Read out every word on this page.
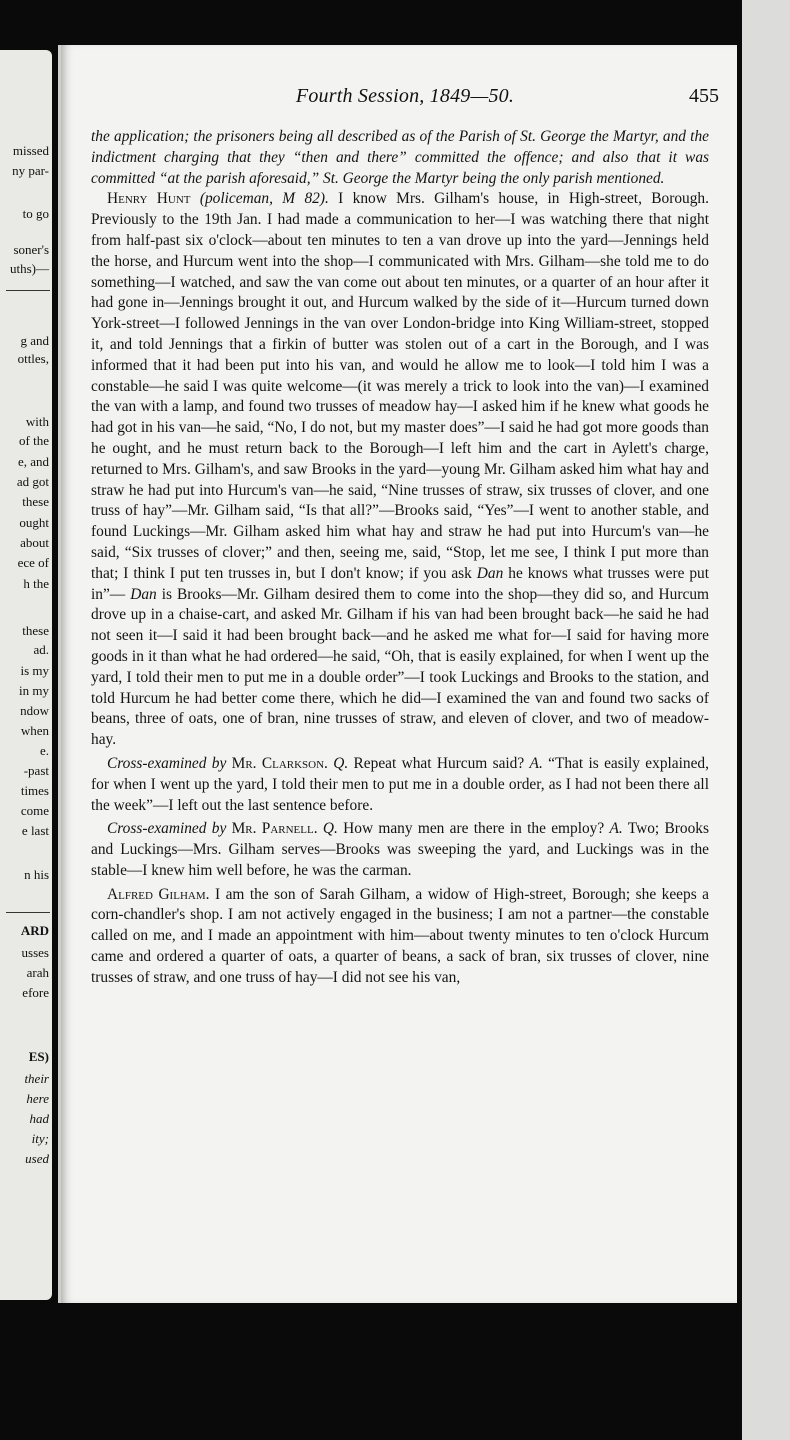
missed
ny par-
to go
soner's
uths)—
g and
ottles,
with
of the
e, and
ad got
these
ought
about
ece of
h the
these
ad.
is my
in my
ndow
when
e.
-past
times
come
e last
n his
ARD
usses
arah
efore
ES)
their
here
had
ity;
used
Fourth Session, 1849—50.	455

the application; the prisoners being all described as of the Parish of St. George the Martyr, and the indictment charging that they “then and there” committed the offence; and also that it was committed “at the parish aforesaid,” St. George the Martyr being the only parish mentioned.

Henry Hunt (policeman, M 82). I know Mrs. Gilham's house, in High-street, Borough. Previously to the 19th Jan. I had made a communication to her—I was watching there that night from half-past six o'clock—about ten minutes to ten a van drove up into the yard—Jennings held the horse, and Hurcum went into the shop—I communicated with Mrs. Gilham—she told me to do something—I watched, and saw the van come out about ten minutes, or a quarter of an hour after it had gone in—Jennings brought it out, and Hurcum walked by the side of it—Hurcum turned down York-street—I followed Jennings in the van over London-bridge into King William-street, stopped it, and told Jennings that a firkin of butter was stolen out of a cart in the Borough, and I was informed that it had been put into his van, and would he allow me to look—I told him I was a constable—he said I was quite welcome—(it was merely a trick to look into the van)—I examined the van with a lamp, and found two trusses of meadow hay—I asked him if he knew what goods he had got in his van—he said, “No, I do not, but my master does”—I said he had got more goods than he ought, and he must return back to the Borough—I left him and the cart in Aylett's charge, returned to Mrs. Gilham's, and saw Brooks in the yard—young Mr. Gilham asked him what hay and straw he had put into Hurcum's van—he said, “Nine trusses of straw, six trusses of clover, and one truss of hay”—Mr. Gilham said, “Is that all?”—Brooks said, “Yes”—I went to another stable, and found Luckings—Mr. Gilham asked him what hay and straw he had put into Hurcum's van—he said, “Six trusses of clover;” and then, seeing me, said, “Stop, let me see, I think I put more than that; I think I put ten trusses in, but I don't know; if you ask Dan he knows what trusses were put in”— Dan is Brooks—Mr. Gilham desired them to come into the shop—they did so, and Hurcum drove up in a chaise-cart, and asked Mr. Gilham if his van had been brought back—he said he had not seen it—I said it had been brought back—and he asked me what for—I said for having more goods in it than what he had ordered—he said, “Oh, that is easily explained, for when I went up the yard, I told their men to put me in a double order”—I took Luckings and Brooks to the station, and told Hurcum he had better come there, which he did—I examined the van and found two sacks of beans, three of oats, one of bran, nine trusses of straw, and eleven of clover, and two of meadow-hay.

Cross-examined by Mr. Clarkson. Q. Repeat what Hurcum said? A. “That is easily explained, for when I went up the yard, I told their men to put me in a double order, as I had not been there all the week”—I left out the last sentence before.

Cross-examined by Mr. Parnell. Q. How many men are there in the employ? A. Two; Brooks and Luckings—Mrs. Gilham serves—Brooks was sweeping the yard, and Luckings was in the stable—I knew him well before, he was the carman.

Alfred Gilham. I am the son of Sarah Gilham, a widow of High-street, Borough; she keeps a corn-chandler's shop. I am not actively engaged in the business; I am not a partner—the constable called on me, and I made an appointment with him—about twenty minutes to ten o'clock Hurcum came and ordered a quarter of oats, a quarter of beans, a sack of bran, six trusses of clover, nine trusses of straw, and one truss of hay—I did not see his van,
